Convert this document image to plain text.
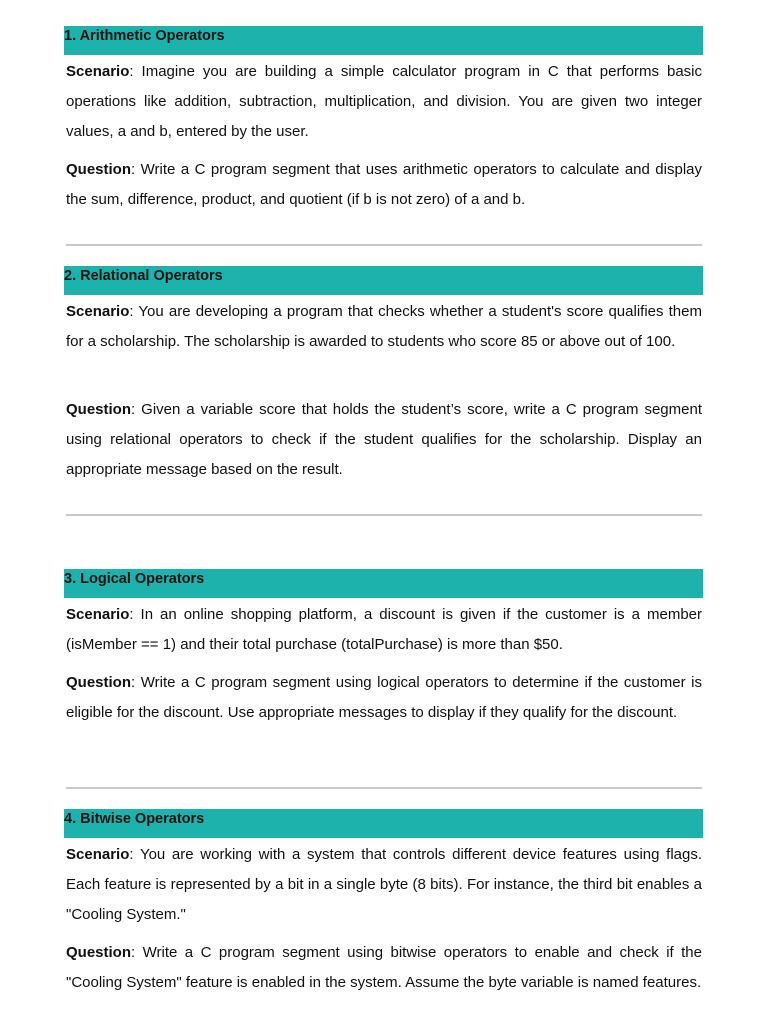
1. Arithmetic Operators

Scenario: Imagine you are building a simple calculator program in C that performs basic operations like addition, subtraction, multiplication, and division. You are given two integer values, a and b, entered by the user.

Question: Write a C program segment that uses arithmetic operators to calculate and display the sum, difference, product, and quotient (if b is not zero) of a and b.

2. Relational Operators

Scenario: You are developing a program that checks whether a student's score qualifies them for a scholarship. The scholarship is awarded to students who score 85 or above out of 100.

Question: Given a variable score that holds the student’s score, write a C program segment using relational operators to check if the student qualifies for the scholarship. Display an appropriate message based on the result.

3. Logical Operators

Scenario: In an online shopping platform, a discount is given if the customer is a member (isMember == 1) and their total purchase (totalPurchase) is more than $50.

Question: Write a C program segment using logical operators to determine if the customer is eligible for the discount. Use appropriate messages to display if they qualify for the discount.

4. Bitwise Operators

Scenario: You are working with a system that controls different device features using flags. Each feature is represented by a bit in a single byte (8 bits). For instance, the third bit enables a "Cooling System."

Question: Write a C program segment using bitwise operators to enable and check if the "Cooling System" feature is enabled in the system. Assume the byte variable is named features.
